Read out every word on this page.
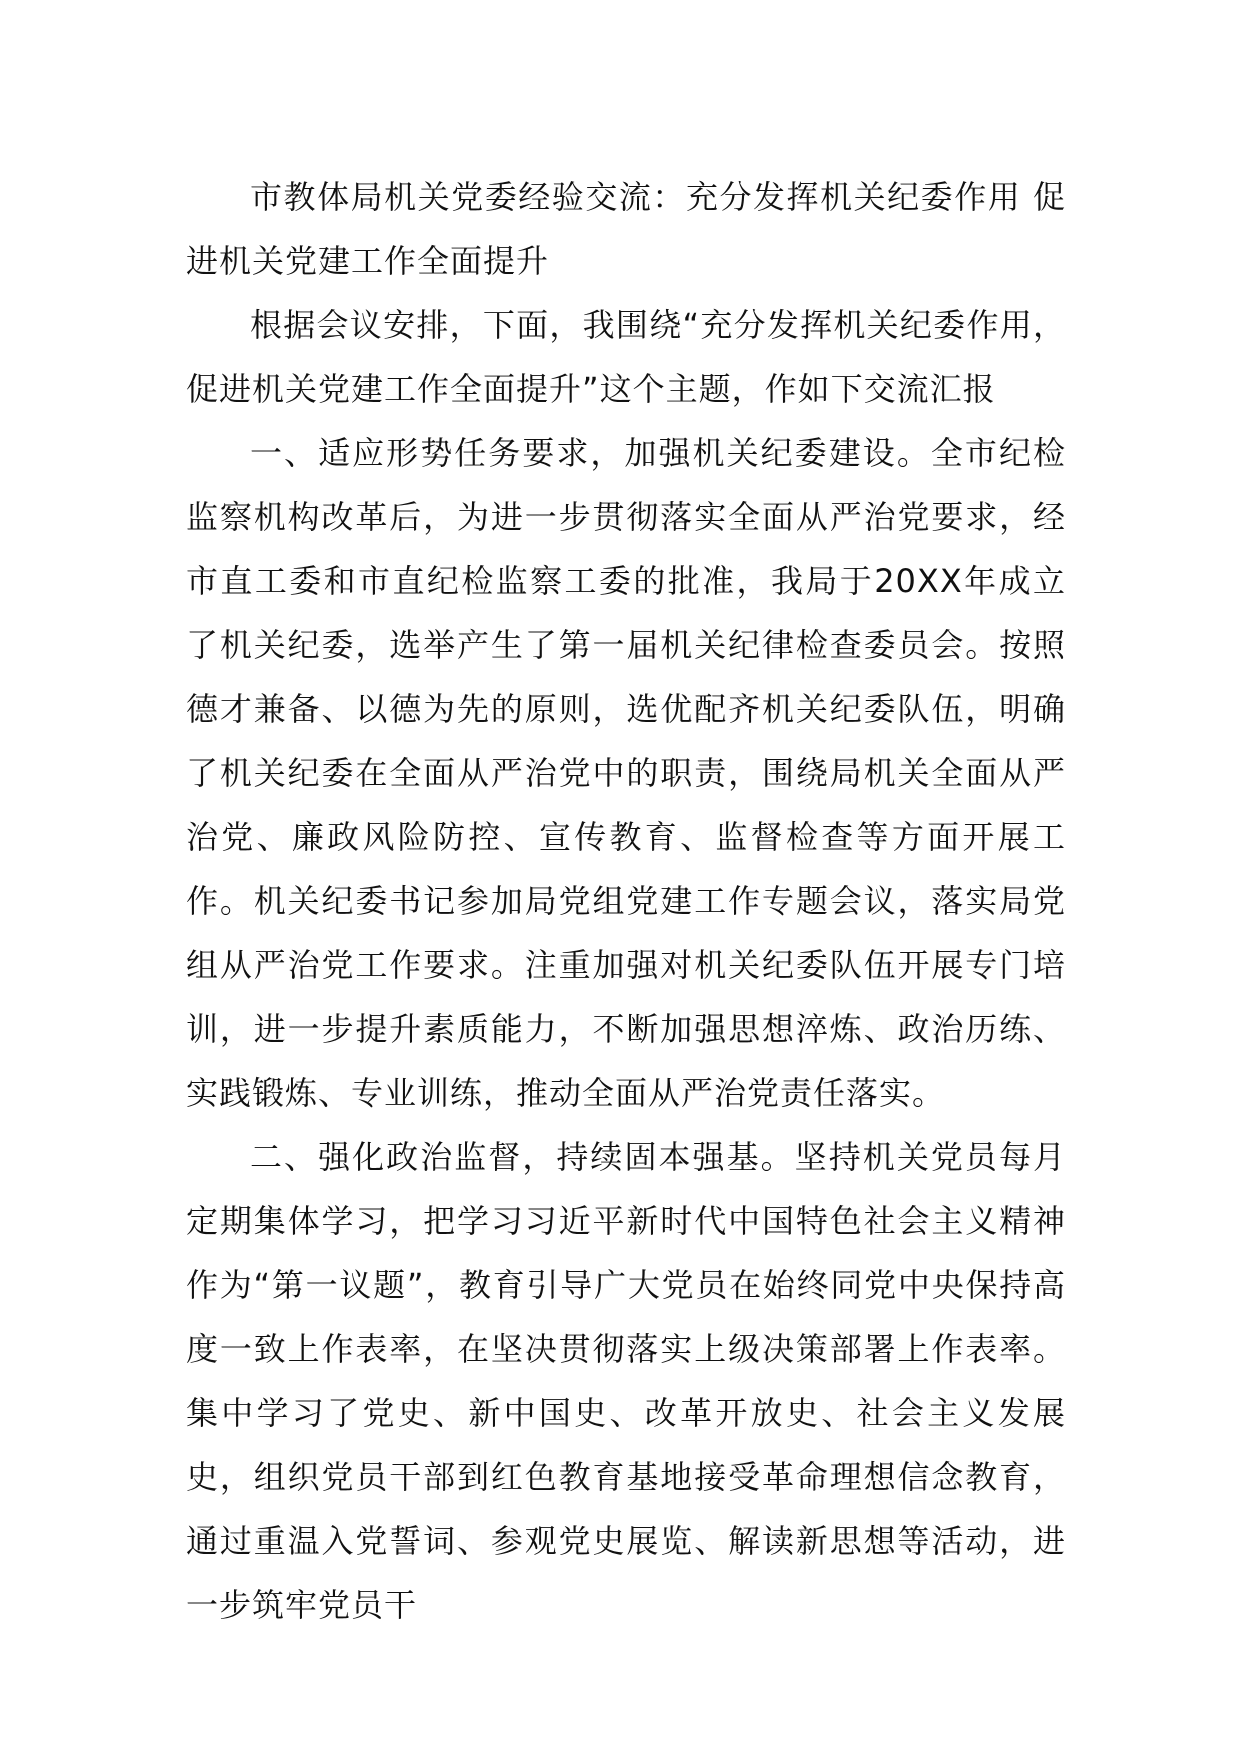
市教体局机关党委经验交流：充分发挥机关纪委作用 促进机关党建工作全面提升

根据会议安排，下面，我围绕“充分发挥机关纪委作用，促进机关党建工作全面提升”这个主题，作如下交流汇报

一、适应形势任务要求，加强机关纪委建设。全市纪检监察机构改革后，为进一步贯彻落实全面从严治党要求，经市直工委和市直纪检监察工委的批准，我局于20XX年成立了机关纪委，选举产生了第一届机关纪律检查委员会。按照德才兼备、以德为先的原则，选优配齐机关纪委队伍，明确了机关纪委在全面从严治党中的职责，围绕局机关全面从严治党、廉政风险防控、宣传教育、监督检查等方面开展工作。机关纪委书记参加局党组党建工作专题会议，落实局党组从严治党工作要求。注重加强对机关纪委队伍开展专门培训，进一步提升素质能力，不断加强思想淬炼、政治历练、实践锻炼、专业训练，推动全面从严治党责任落实。

二、强化政治监督，持续固本强基。坚持机关党员每月定期集体学习，把学习习近平新时代中国特色社会主义精神作为“第一议题”，教育引导广大党员在始终同党中央保持高度一致上作表率，在坚决贯彻落实上级决策部署上作表率。集中学习了党史、新中国史、改革开放史、社会主义发展史，组织党员干部到红色教育基地接受革命理想信念教育，通过重温入党誓词、参观党史展览、解读新思想等活动，进一步筑牢党员干
